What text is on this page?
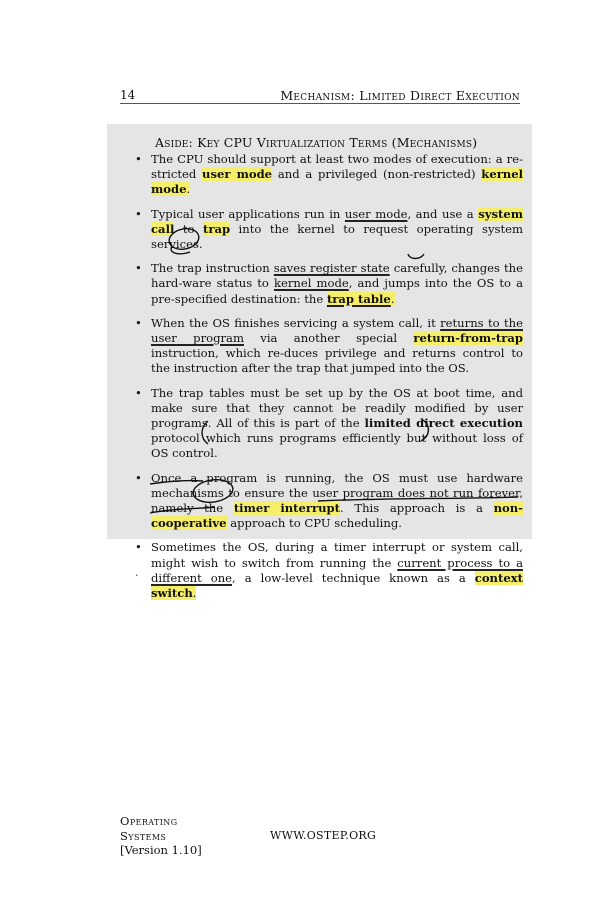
14	Mechanism: Limited Direct Execution
Aside: Key CPU Virtualization Terms (Mechanisms)
• The CPU should support at least two modes of execution: a re-stricted user mode and a privileged (non-restricted) kernel mode.
• Typical user applications run in user mode, and use a system call to trap into the kernel to request operating system services.
• The trap instruction saves register state carefully, changes the hard-ware status to kernel mode, and jumps into the OS to a pre-specified destination: the trap table.
• When the OS finishes servicing a system call, it returns to the user program via another special return-from-trap instruction, which re-duces privilege and returns control to the instruction after the trap that jumped into the OS.
• The trap tables must be set up by the OS at boot time, and make sure that they cannot be readily modified by user programs. All of this is part of the limited direct execution protocol which runs programs efficiently but without loss of OS control.
• Once a program is running, the OS must use hardware mechanisms to ensure the user program does not run forever, namely the timer interrupt. This approach is a non-cooperative approach to CPU scheduling.
• Sometimes the OS, during a timer interrupt or system call, might wish to switch from running the current process to a different one, a low-level technique known as a context switch.
.
Operating
Systems
[Version 1.10]
WWW.OSTEP.ORG
